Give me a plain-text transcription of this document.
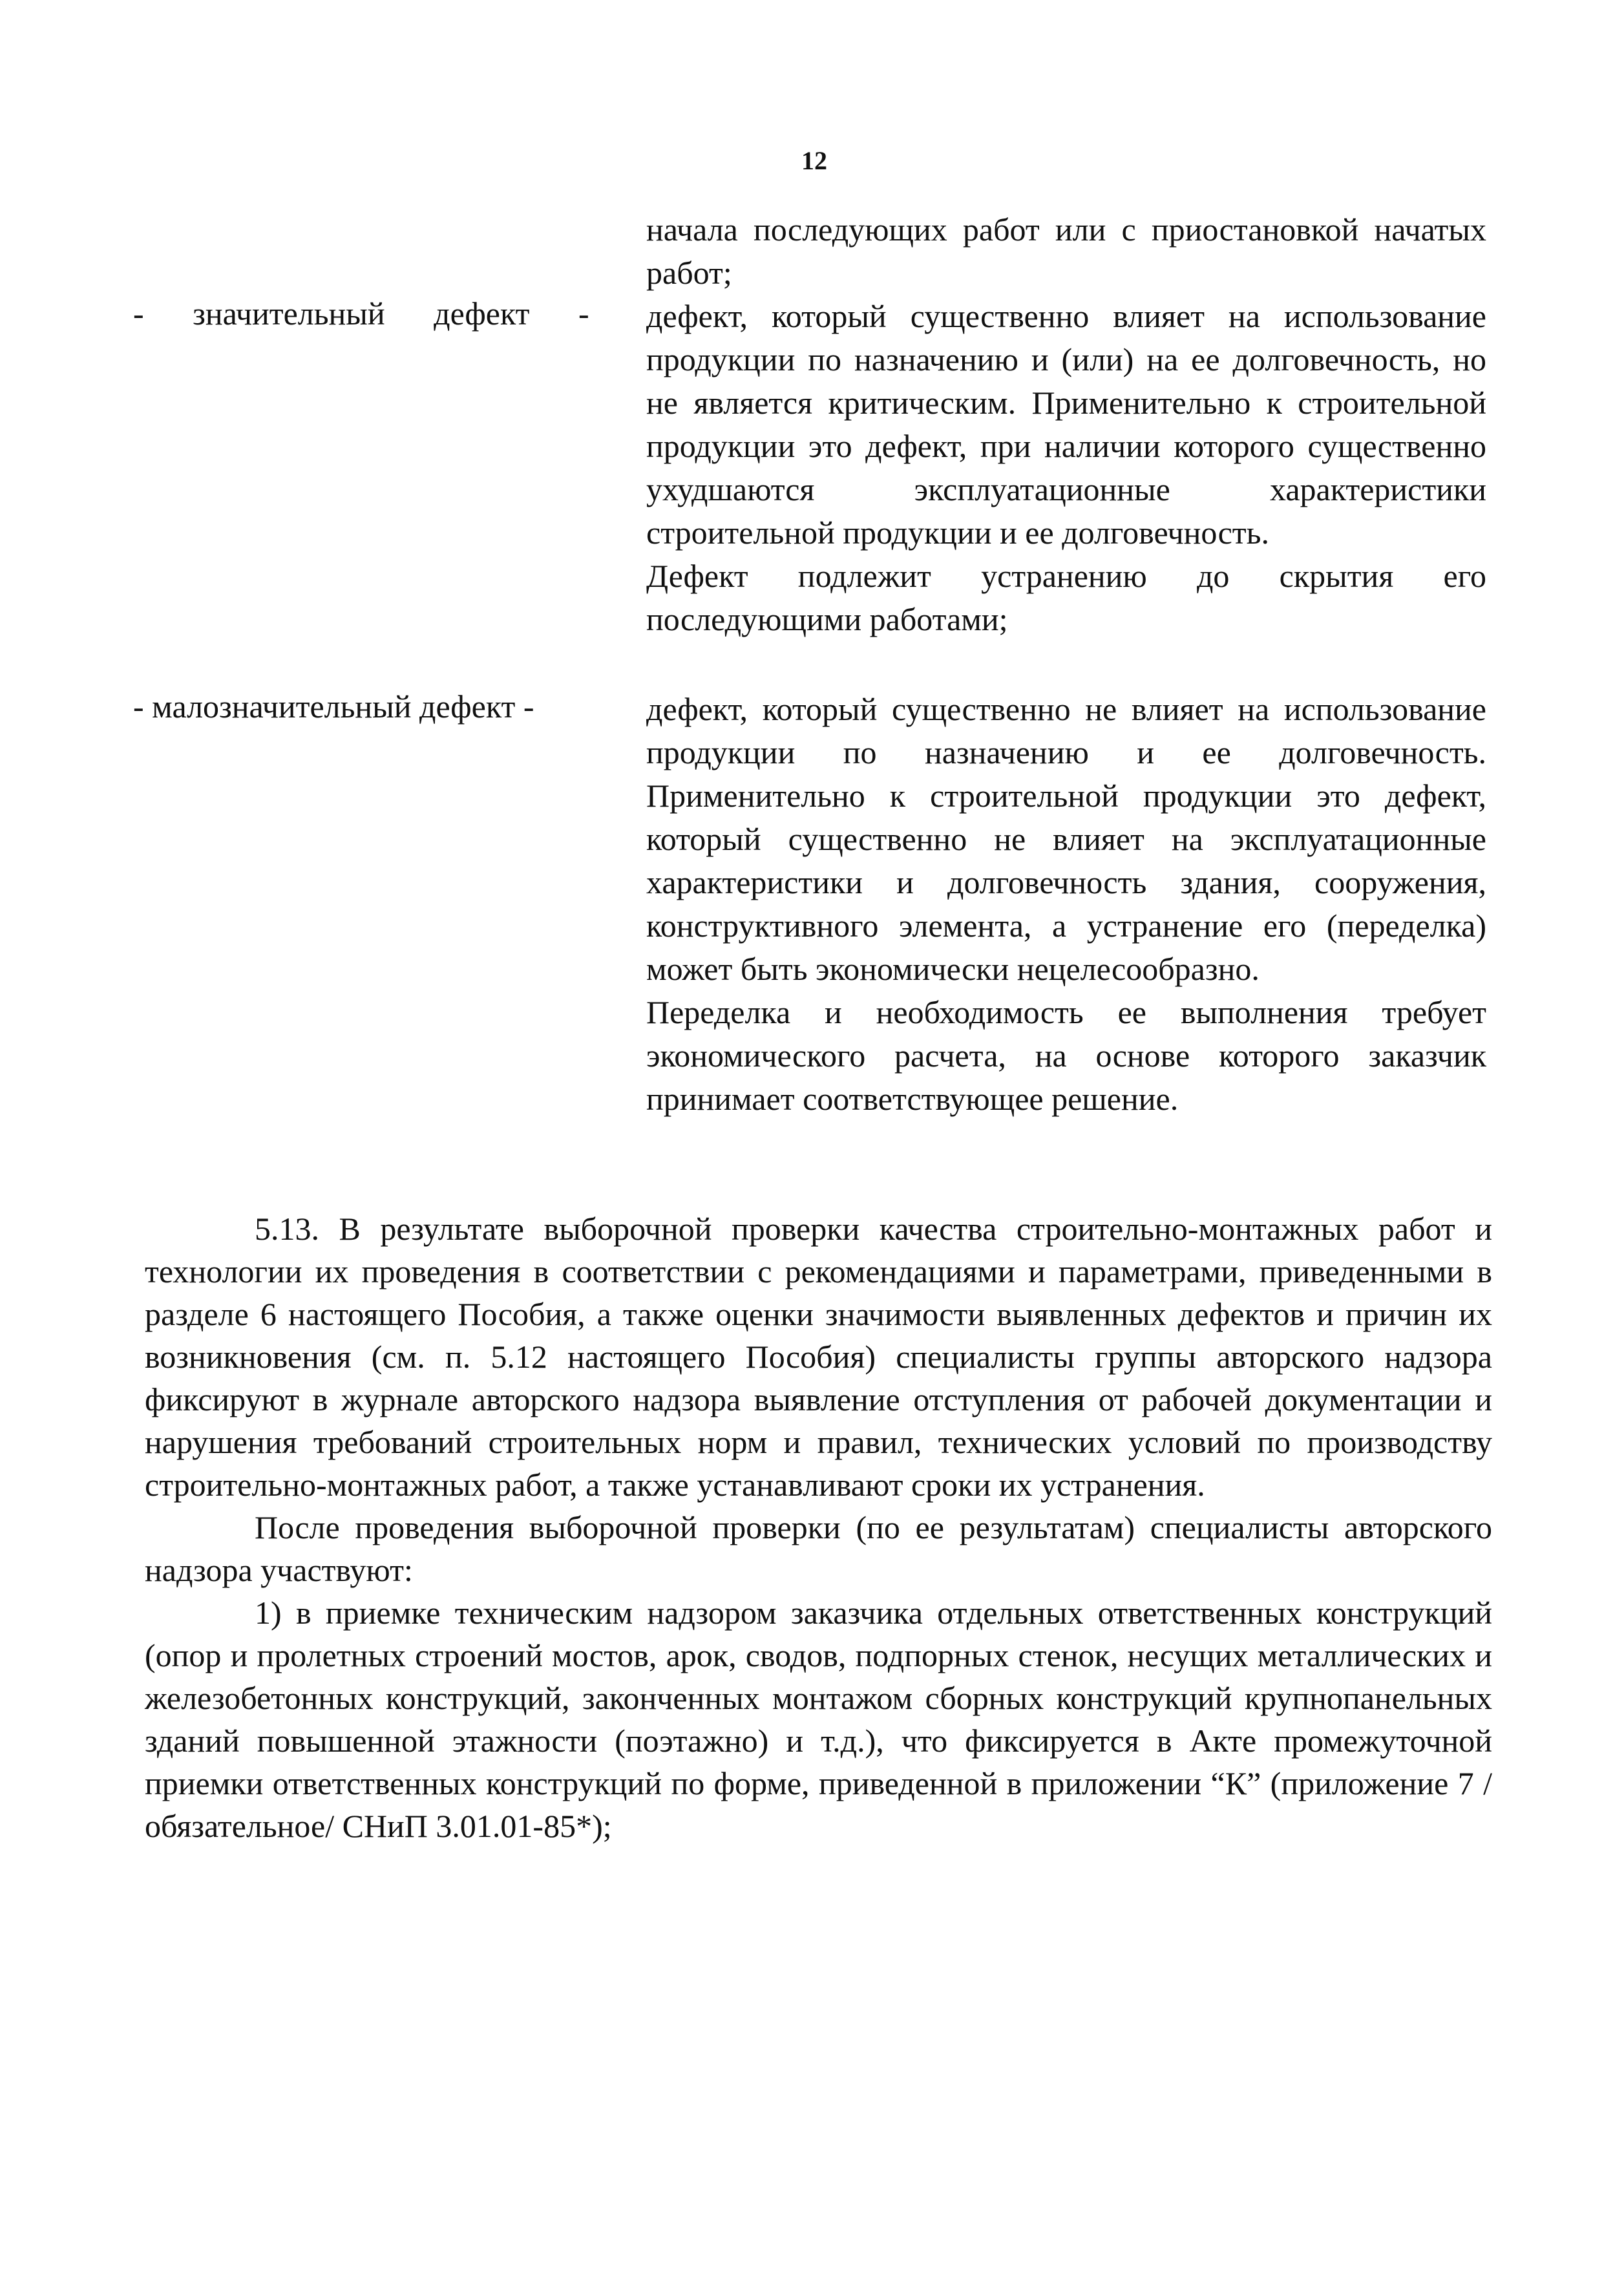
12

начала последующих работ или с приостановкой начатых работ;

- значительный дефект - дефект, который существенно влияет на использование продукции по назначению и (или) на ее долговечность, но не является критическим. Применительно к строительной продукции это дефект, при наличии которого существенно ухудшаются эксплуатационные характеристики строительной продукции и ее долговечность.

Дефект подлежит устранению до скрытия его последующими работами;

- малозначительный дефект -	дефект, который существенно не влияет на использование продукции по назначению и ее долговечность. Применительно к строительной продукции это дефект, который существенно не влияет на эксплуатационные характеристики и долговечность здания, сооружения, конструктивного элемента, а устранение его (переделка) может быть экономически нецелесообразно.

Переделка и необходимость ее выполнения требует экономического расчета, на основе которого заказчик принимает соответствующее решение.

5.13. В результате выборочной проверки качества строительно-монтажных работ и технологии их проведения в соответствии с рекомендациями и параметрами, приведенными в разделе 6 настоящего Пособия, а также оценки значимости выявленных дефектов и причин их возникновения (см. п. 5.12 настоящего Пособия) специалисты группы авторского надзора фиксируют в журнале авторского надзора выявление отступления от рабочей документации и нарушения требований строительных норм и правил, технических условий по производству строительно-монтажных работ, а также устанавливают сроки их устранения.

После проведения выборочной проверки (по ее результатам) специалисты авторского надзора участвуют:

1) в приемке техническим надзором заказчика отдельных ответственных конструкций (опор и пролетных строений мостов, арок, сводов, подпорных стенок, несущих металлических и железобетонных конструкций, законченных монтажом сборных конструкций крупнопанельных зданий повышенной этажности (поэтажно) и т.д.), что фиксируется в Акте промежуточной приемки ответственных конструкций по форме, приведенной в приложении “К” (приложение 7 /обязательное/ СНиП 3.01.01-85*);
